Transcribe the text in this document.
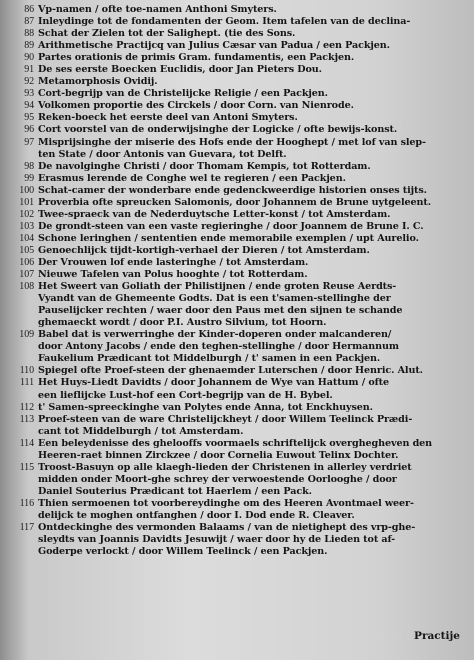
86 Vp-namen / ofte toe-namen Anthoni Smyters.
87 Inleydinge tot de fondamenten der Geom. Item tafelen van de declina-
88 Schat der Zielen tot der Salighept. (tie des Sons.
89 Arithmetische Practijcq van Julius Cæsar van Padua / een Packjen.
90 Partes orationis de primis Gram. fundamentis, een Packjen.
91 De ses eerste Boecken Euclidis, door Jan Pieters Dou.
92 Metamorphosis Ovidij.
93 Cort-begrijp van de Christelijcke Religie / een Packjen.
94 Volkomen proportie des Circkels / door Corn. van Nienrode.
95 Reken-boeck het eerste deel van Antoni Smyters.
96 Cort voorstel van de onderwijsinghe der Logicke / ofte bewijs-konst.
97 Misprijsinghe der miserie des Hofs ende der Hooghept / met lof van slep-
ten State / door Antonis van Guevara, tot Delft.
98 De navolginghe Christi / door Thomam Kempis, tot Rotterdam.
99 Erasmus lerende de Conghe wel te regieren / een Packjen.
100 Schat-camer der wonderbare ende gedenckweerdige historien onses tijts.
101 Proverbia ofte spreucken Salomonis, door Johannem de Brune uytgeleent.
102 Twee-spraeck van de Nederduytsche Letter-konst / tot Amsterdam.
103 De grondt-steen van een vaste regieringhe / door Joannem de Brune I. C.
104 Schone leringhen / sententien ende memorabile exemplen / upt Aurelio.
105 Genoechlijck tijdt-kortigh-verhael der Dieren / tot Amsterdam.
106 Der Vrouwen lof ende lasteringhe / tot Amsterdam.
107 Nieuwe Tafelen van Polus hooghte / tot Rotterdam.
108 Het Sweert van Goliath der Philistijnen / ende groten Reuse Aerdts-
Vyandt van de Ghemeente Godts. Dat is een t'samen-stellinghe der
Pauselijcker rechten / waer door den Paus met den sijnen te schande
ghemaeckt wordt / door P.I. Austro Silvium, tot Hoorn.
109 Babel dat is verwerringhe der Kinder-doperen onder malcanderen/
door Antony Jacobs / ende den teghen-stellinghe / door Hermannum
Faukelium Prædicant tot Middelburgh / t' samen in een Packjen.
110 Spiegel ofte Proef-steen der ghenaemder Luterschen / door Henric. Alut.
111 Het Huys-Liedt Davidts / door Johannem de Wye van Hattum / ofte
een lieflijcke Lust-hof een Cort-begrijp van de H. Bybel.
112 t' Samen-spreeckinghe van Polytes ende Anna, tot Enckhuysen.
113 Proef-steen van de ware Christelijckheyt / door Willem Teelinck Prædi-
cant tot Middelburgh / tot Amsterdam.
114 Een beleydenisse des ghelooffs voormaels schriftelijck overghegheven den
Heeren-raet binnen Zirckzee / door Cornelia Euwout Telinx Dochter.
115 Troost-Basuyn op alle klaegh-lieden der Christenen in allerley verdriet
midden onder Moort-ghe schrey der verwoestende Oorlooghe / door
Daniel Souterius Prædicant tot Haerlem / een Pack.
116 Thien sermoenen tot voorbereydinghe om des Heeren Avontmael weer-
delijck te moghen ontfanghen / door I. Dod ende R. Cleaver.
117 Ontdeckinghe des vermonden Balaams / van de nietighept des vrp-ghe-
sleydts van Joannis Davidts Jesuwijt / waer door hy de Lieden tot af-
Goderpe verlockt / door Willem Teelinck / een Packjen.
Practije
